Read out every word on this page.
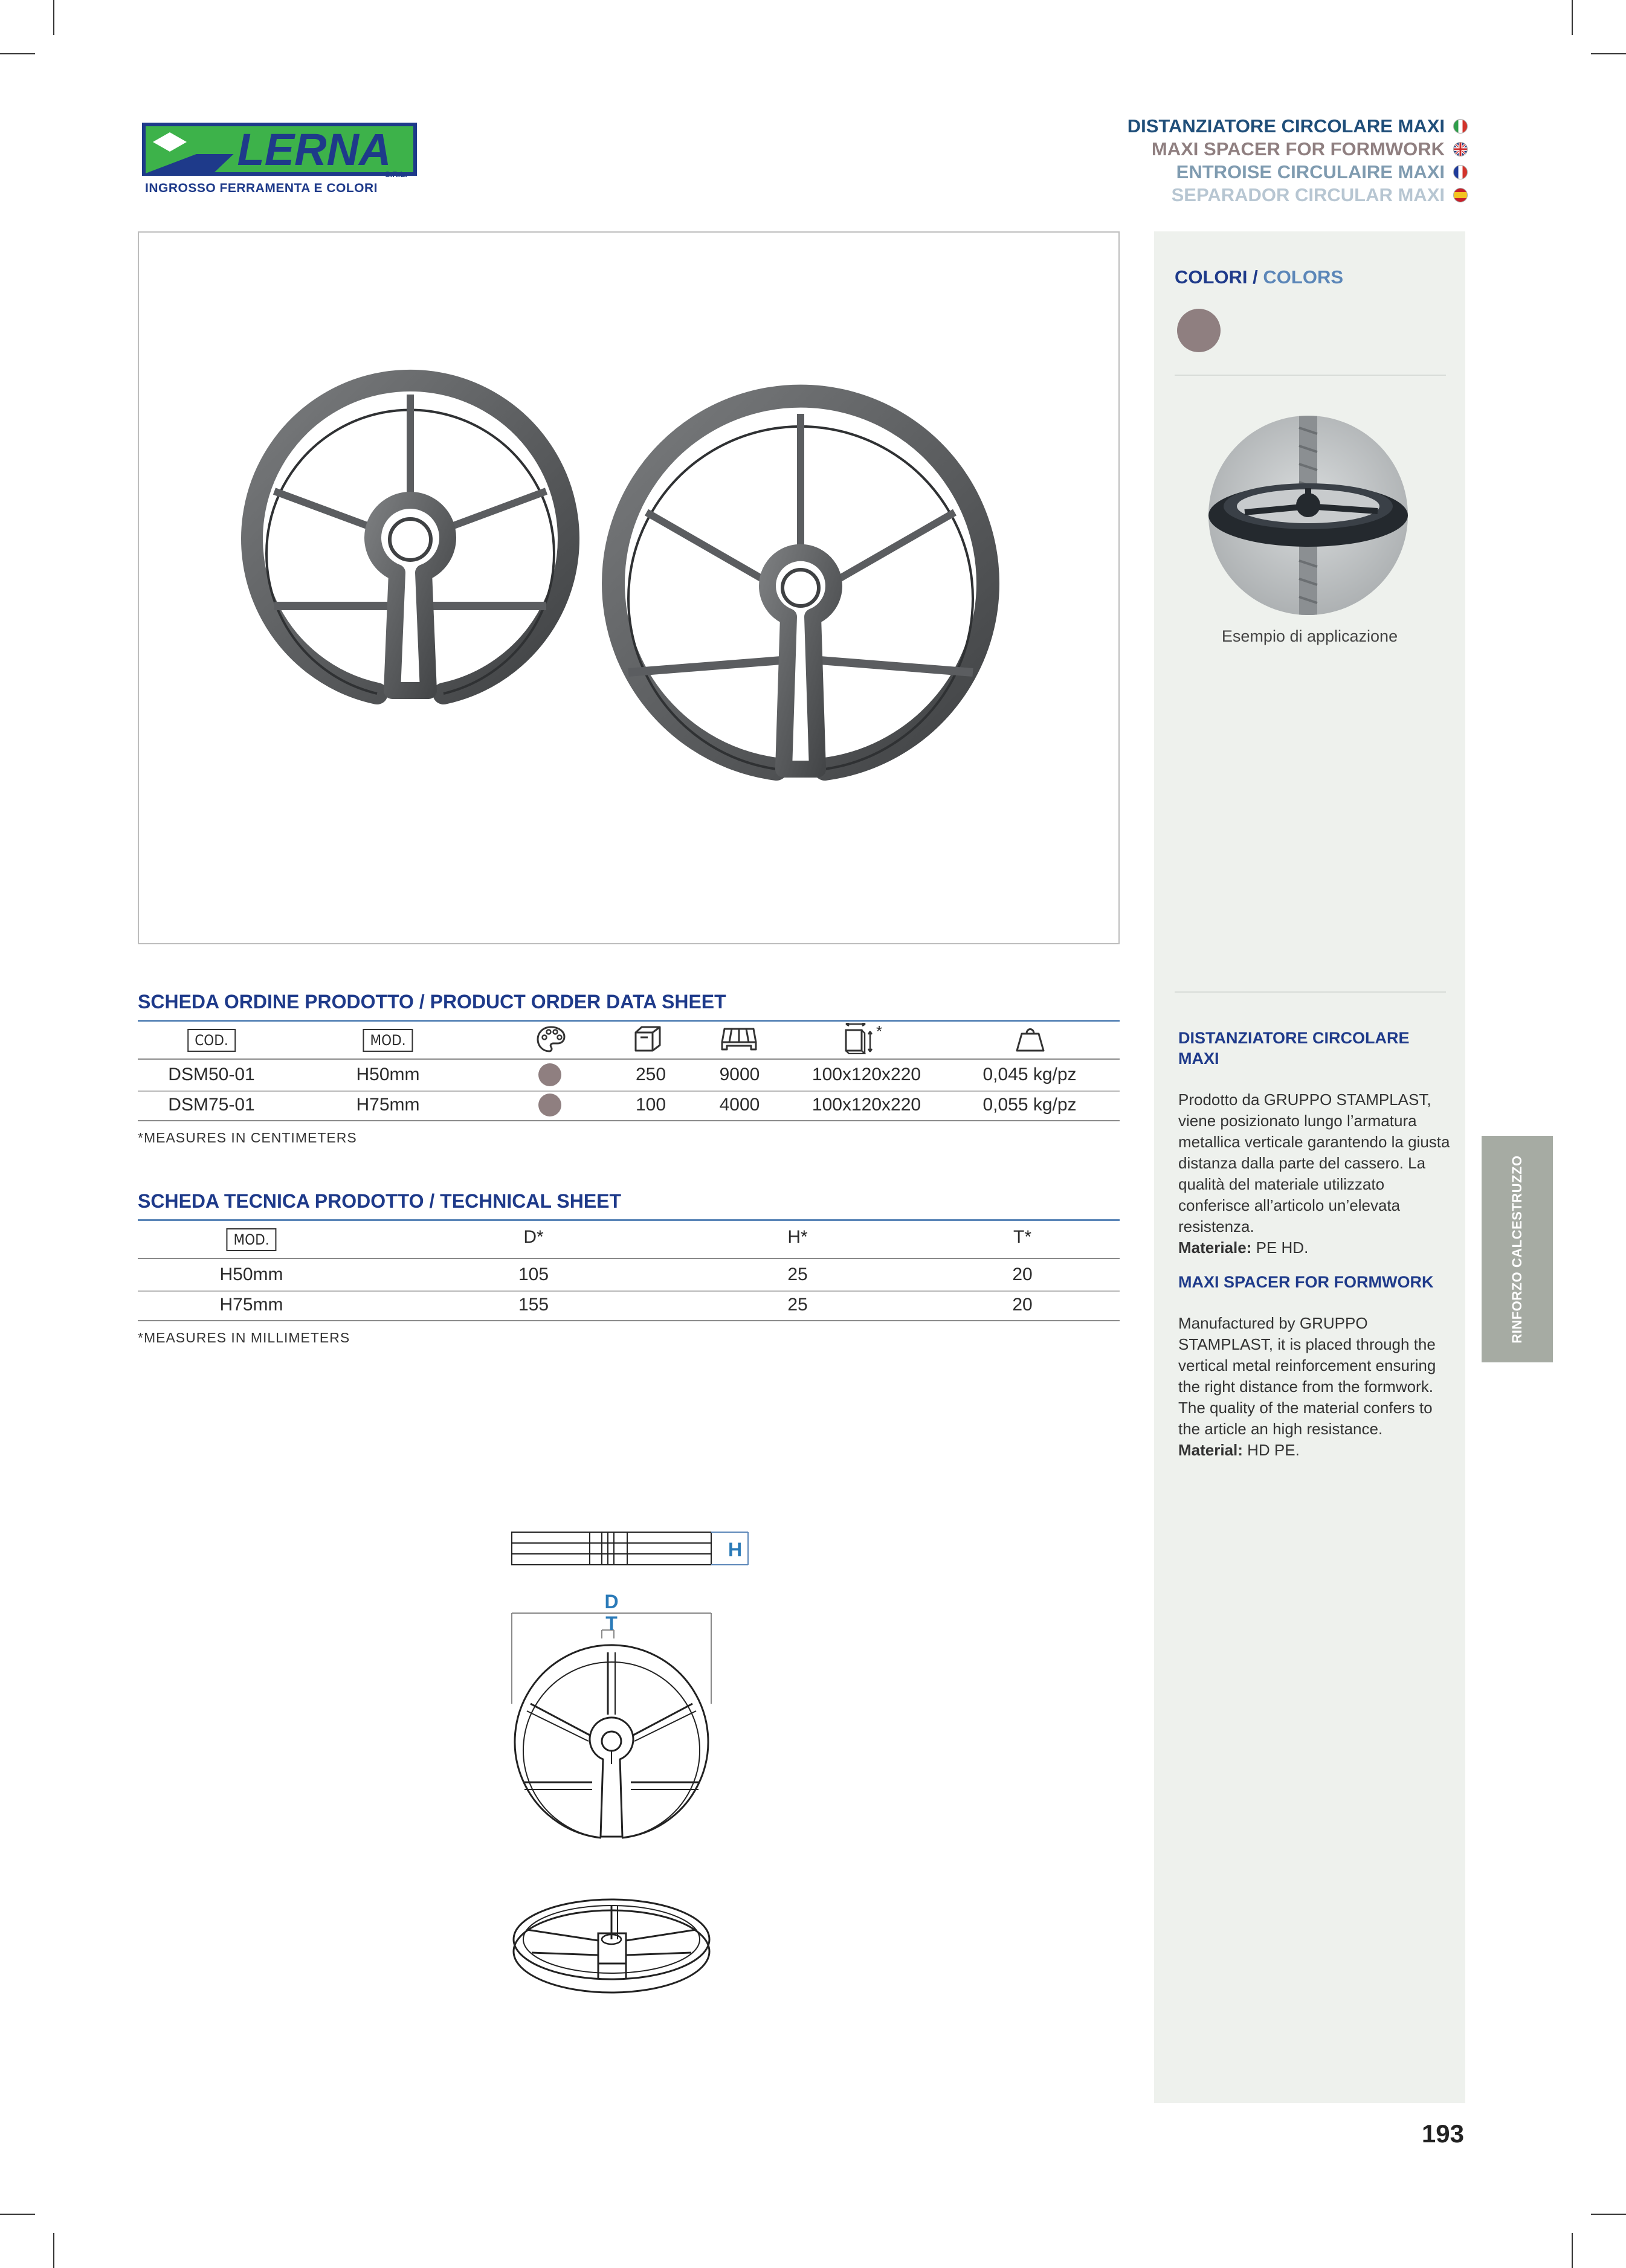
LERNA
S.R.L.
INGROSSO FERRAMENTA E COLORI
DISTANZIATORE CIRCOLARE MAXI
MAXI SPACER FOR FORMWORK
ENTROISE CIRCULAIRE MAXI
SEPARADOR CIRCULAR MAXI
COLORI / COLORS
Esempio di applicazione
DISTANZIATORE CIRCOLARE MAXI
Prodotto da GRUPPO STAMPLAST, viene posizionato lungo l’armatura metallica verticale garantendo la giusta distanza dalla parte del cassero. La qualità del materiale utilizzato conferisce all’articolo un’elevata resistenza.
Materiale: PE HD.
MAXI SPACER FOR FORMWORK
Manufactured by GRUPPO STAMPLAST, it is placed through the vertical metal reinforcement ensuring the right distance from the formwork. The quality of the material confers to the article an high resistance.
Material: HD PE.
RINFORZO CALCESTRUZZO
SCHEDA ORDINE PRODOTTO / PRODUCT ORDER DATA SHEET
COD.	MOD.	*
DSM50-01	H50mm	250	9000	100x120x220	0,045 kg/pz
DSM75-01	H75mm	100	4000	100x120x220	0,055 kg/pz
*MEASURES IN CENTIMETERS
SCHEDA TECNICA PRODOTTO / TECHNICAL SHEET
MOD.	D*	H*	T*
H50mm	105	25	20
H75mm	155	25	20
*MEASURES IN MILLIMETERS
H
D
T
193
